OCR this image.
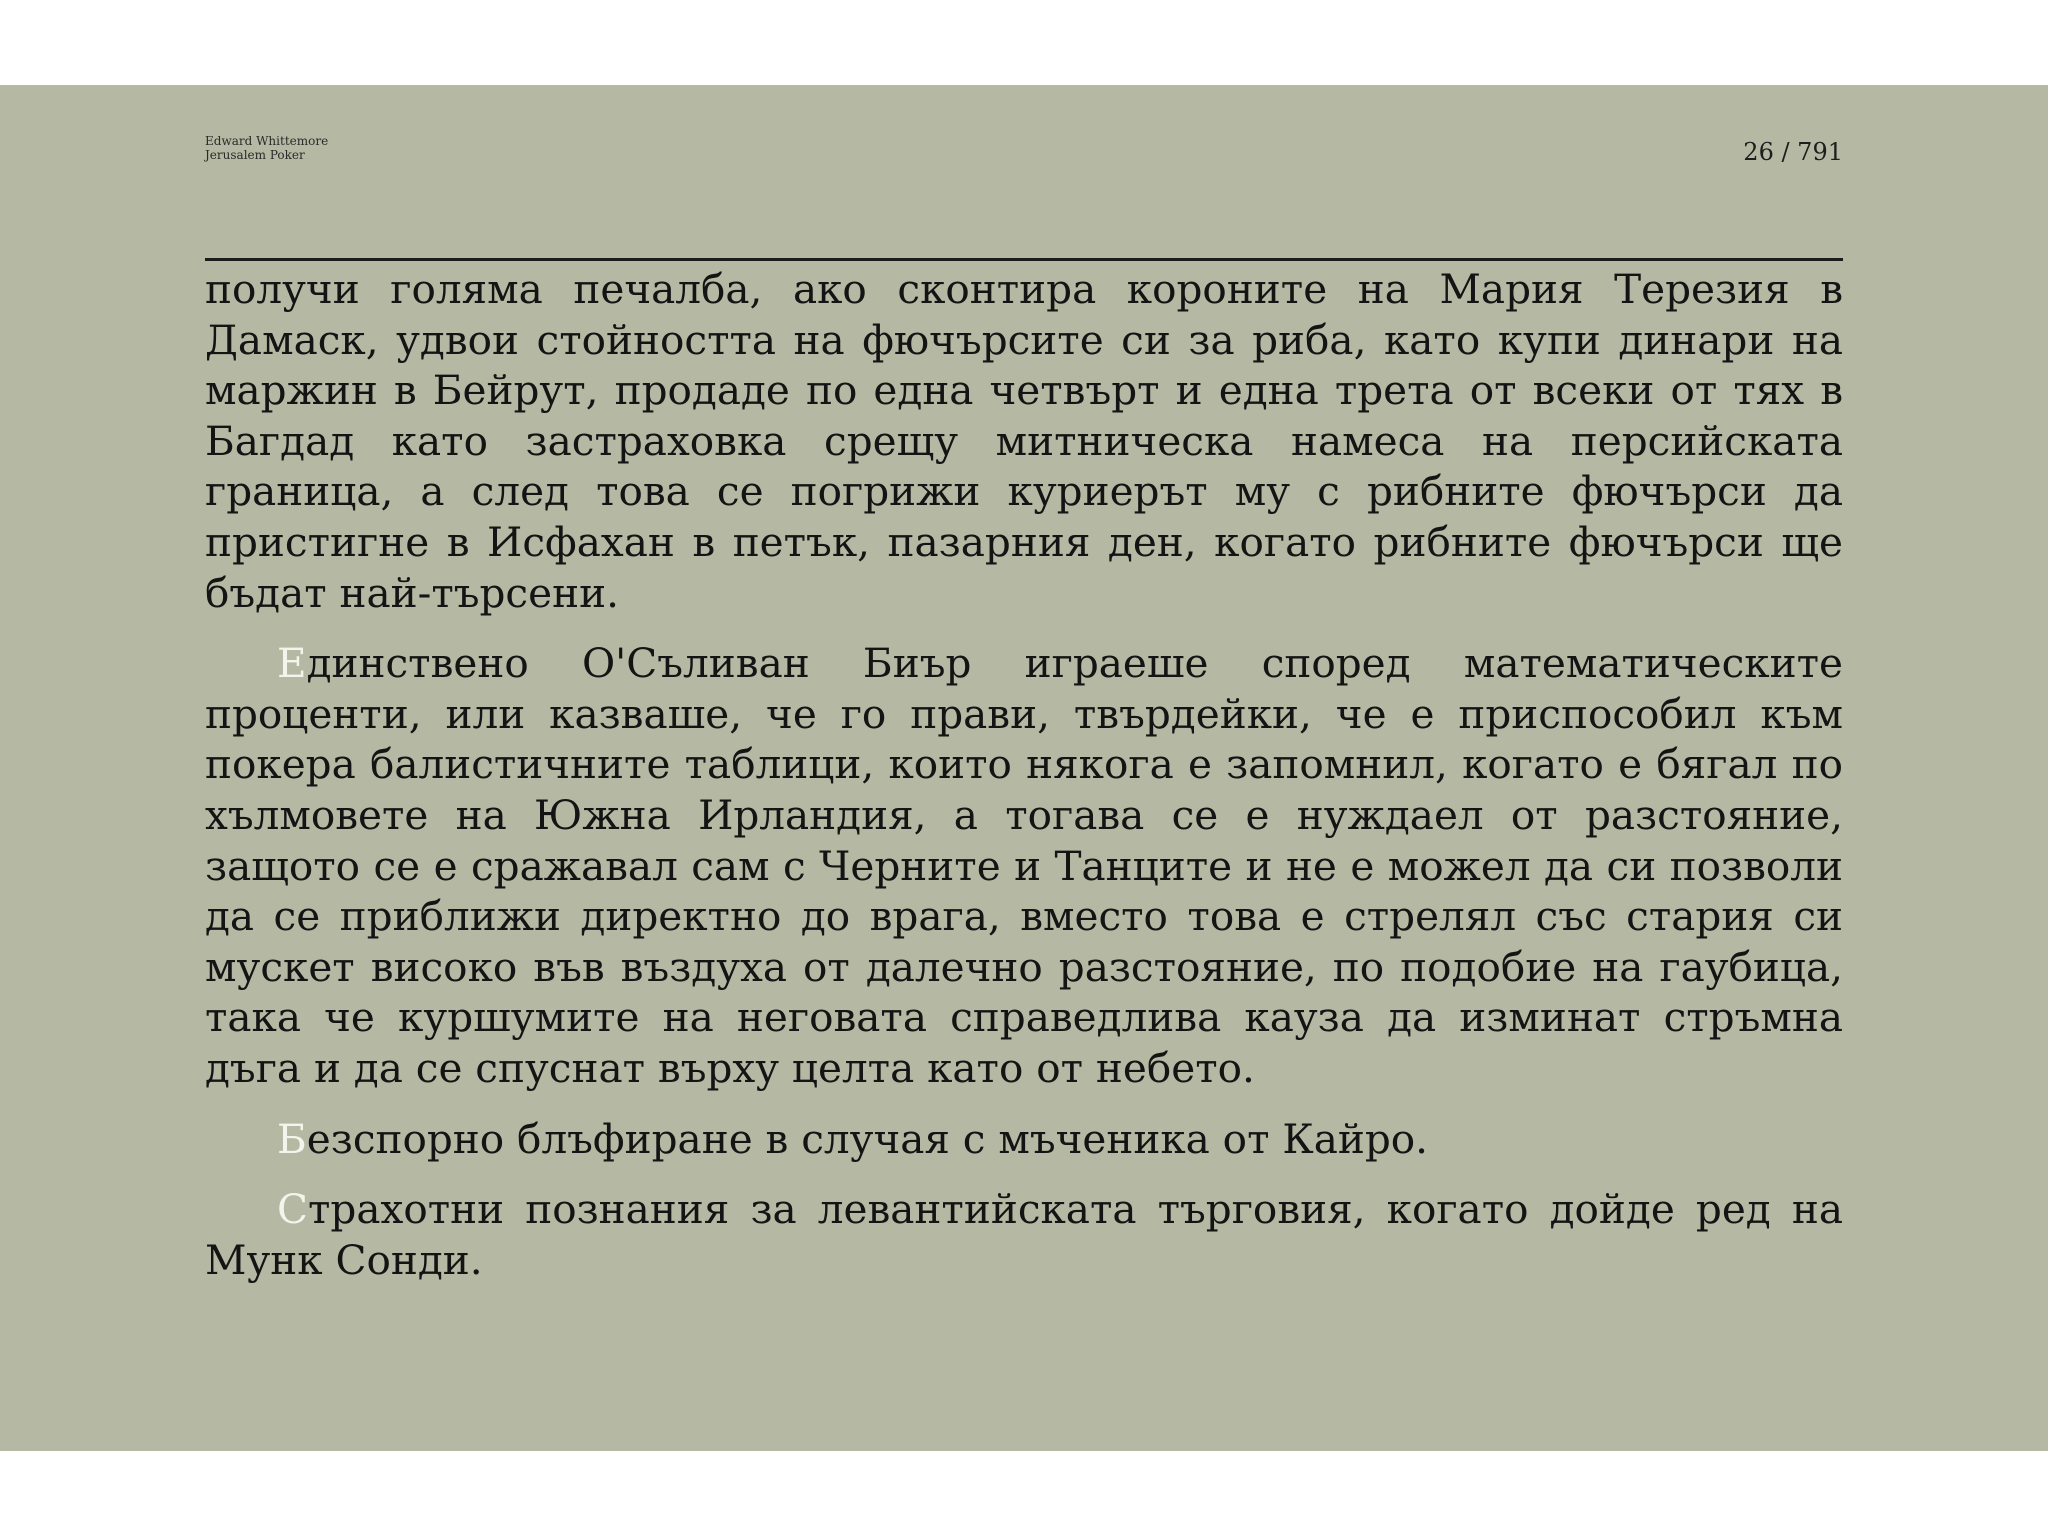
Edward Whittemore
Jerusalem Poker	26 / 791

получи голяма печалба, ако сконтира короните на Мария Терезия в Дамаск, удвои стойността на фючърсите си за риба, като купи динари на маржин в Бейрут, продаде по една четвърт и една трета от всеки от тях в Багдад като застраховка срещу митническа намеса на персийската граница, а след това се погрижи куриерът му с рибните фючърси да пристигне в Исфахан в петък, пазарния ден, когато рибните фючърси ще бъдат най-търсени.

Единствено О'Съливан Биър играеше според математическите проценти, или казваше, че го прави, твърдейки, че е приспособил към покера балистичните таблици, които някога е запомнил, когато е бягал по хълмовете на Южна Ирландия, а тогава се е нуждаел от разстояние, защото се е сражавал сам с Черните и Танците и не е можел да си позволи да се приближи директно до врага, вместо това е стрелял със стария си мускет високо във въздуха от далечно разстояние, по подобие на гаубица, така че куршумите на неговата справедлива кауза да изминат стръмна дъга и да се спуснат върху целта като от небето.

Безспорно блъфиране в случая с мъченика от Кайро.

Страхотни познания за левантийската търговия, когато дойде ред на Мунк Сонди.
